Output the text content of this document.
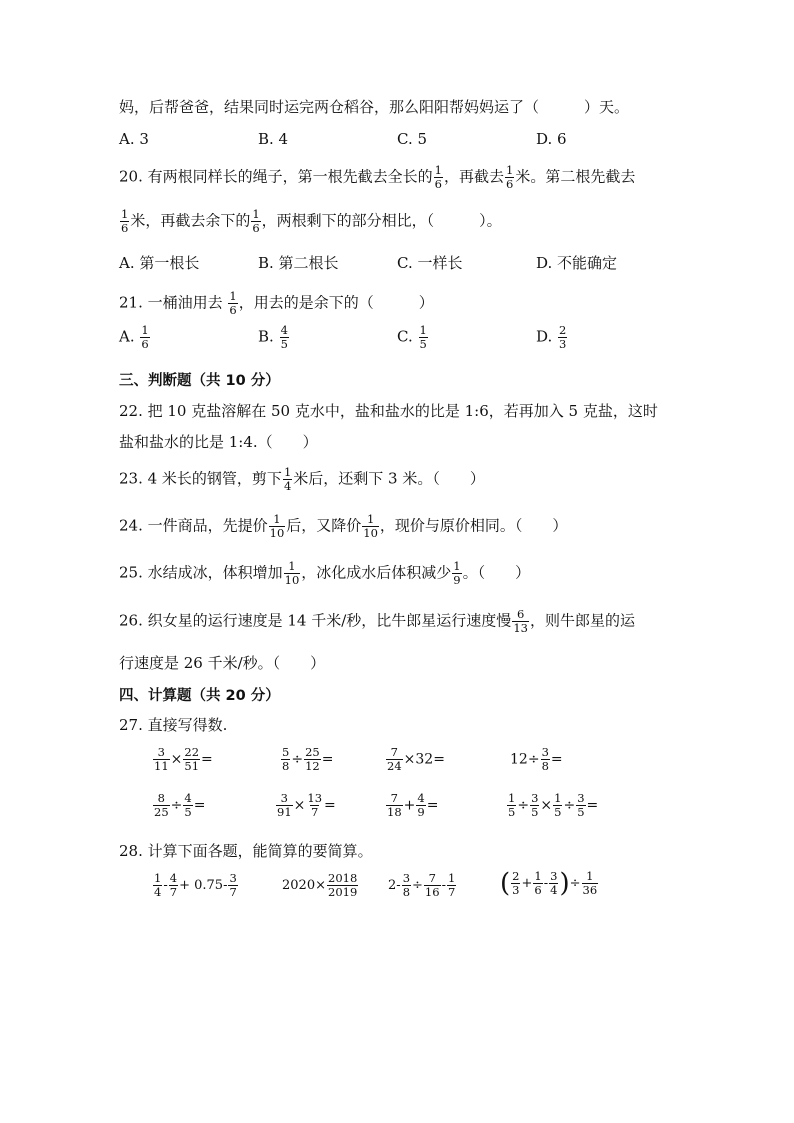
妈，后帮爸爸，结果同时运完两仓稻谷，那么阳阳帮妈妈运了（　　　）天。
A. 3	B. 4	C. 5	D. 6
20. 有两根同样长的绳子，第一根先截去全长的 $\frac{1}{6}$ ，再截去 $\frac{1}{6}$ 米。第二根先截去
$\frac{1}{6}$ 米，再截去余下的 $\frac{1}{6}$ ，两根剩下的部分相比，（　　　）。
A. 第一根长	B. 第二根长	C. 一样长	D. 不能确定
21. 一桶油用去 $\frac{1}{6}$ ，用去的是余下的（　　　）
A. $\frac{1}{6}$	B. $\frac{4}{5}$	C. $\frac{1}{5}$	D. $\frac{2}{3}$
三、判断题（共 10 分）
22. 把 10 克盐溶解在 50 克水中，盐和盐水的比是 1:6，若再加入 5 克盐，这时
盐和盐水的比是 1:4.（　　）
23. 4 米长的钢管，剪下 $\frac{1}{4}$ 米后，还剩下 3 米。（　　）
24. 一件商品，先提价 $\frac{1}{10}$ 后，又降价 $\frac{1}{10}$ ，现价与原价相同。（　　）
25. 水结成冰，体积增加 $\frac{1}{10}$ ，冰化成水后体积减少 $\frac{1}{9}$ 。（　　）
26. 织女星的运行速度是 14 千米/秒，比牛郎星运行速度慢 $\frac{6}{13}$ ，则牛郎星的运
行速度是 26 千米/秒。（　　）
四、计算题（共 20 分）
27. 直接写得数.
$\frac{3}{11} \times \frac{22}{51}$ =	$\frac{5}{8} \div \frac{25}{12}$ =	$\frac{7}{24} \times 32=$	$12\div \frac{3}{8}$ =
$\frac{8}{25} \div \frac{4}{5}$ =	$\frac{3}{91} \times \frac{13}{7}$ =	$\frac{7}{18} + \frac{4}{9}$ =	$\frac{1}{5} \div \frac{3}{5} \times \frac{1}{5} \div \frac{3}{5}$ =
28. 计算下面各题，能简算的要简算。
$\frac{1}{4} - \frac{4}{7} + 0.75- \frac{3}{7}$	$2020\times \frac{2018}{2019} 2- \frac{3}{8} \div \frac{7}{16} - \frac{1}{7}$ ( $\frac{2}{3} + \frac{1}{6} - \frac{3}{4}$ )÷ $\frac{1}{36}$
